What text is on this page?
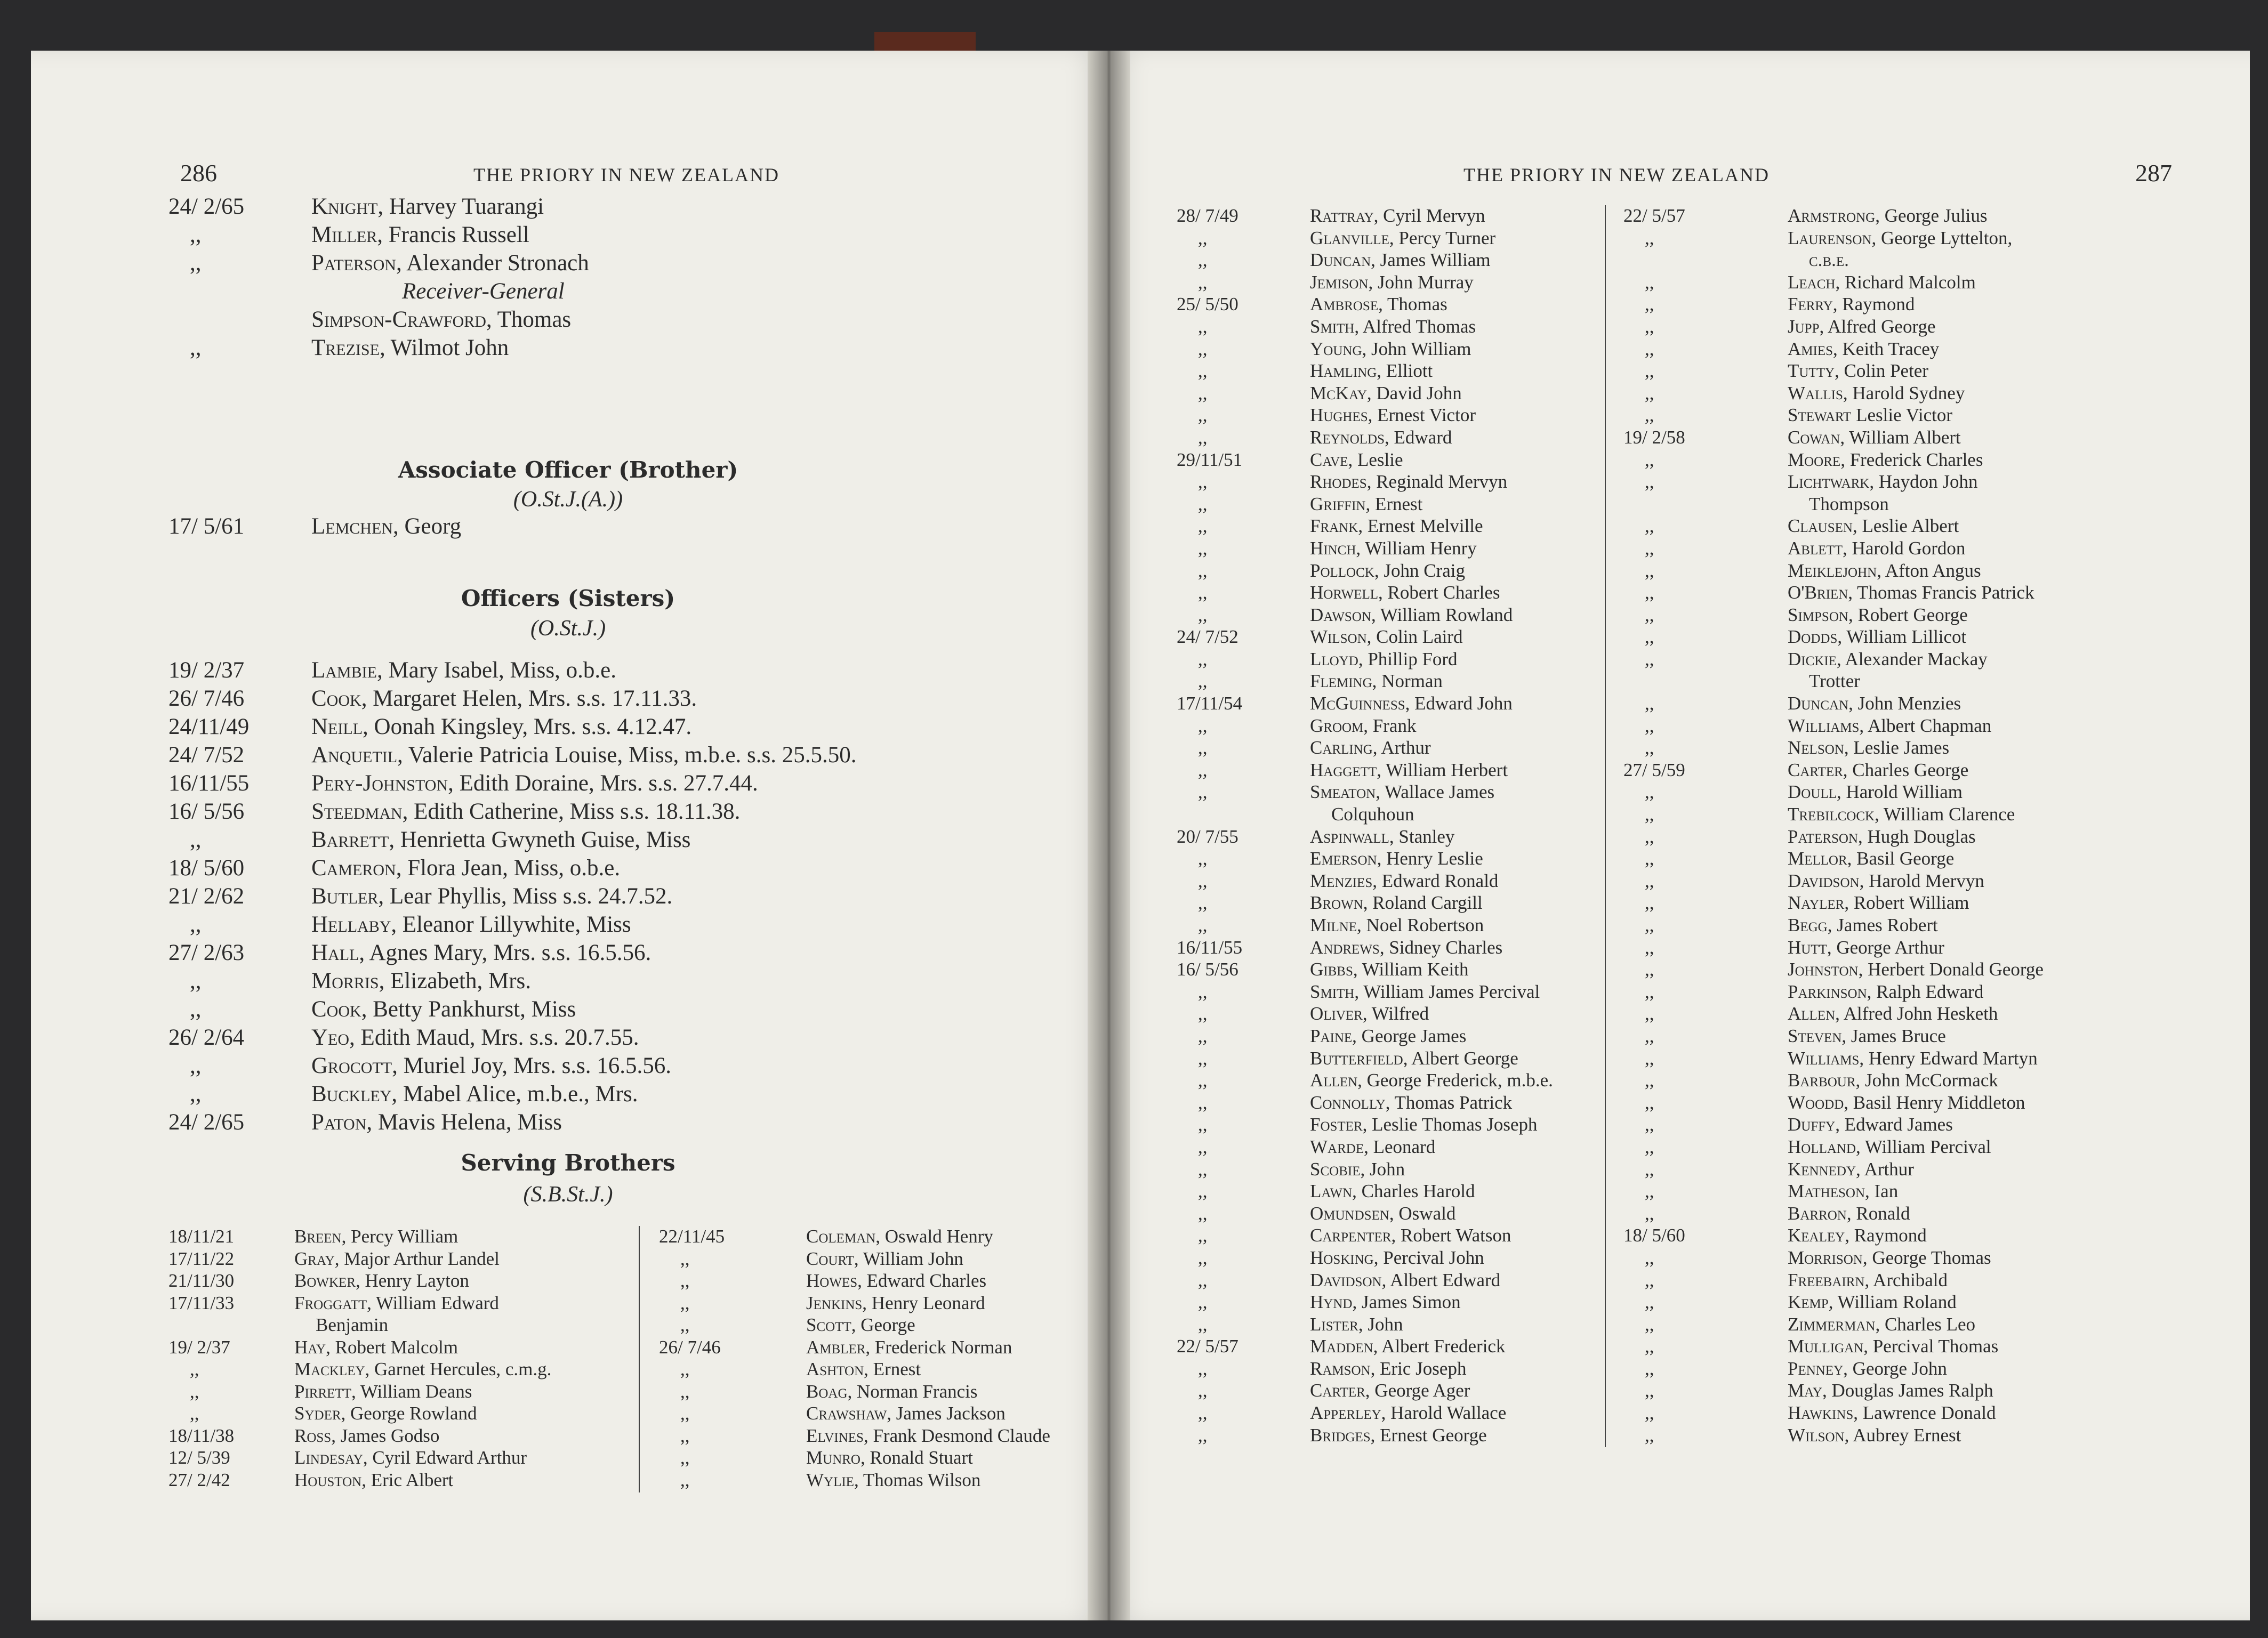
286	THE PRIORY IN NEW ZEALAND
24/ 2/65	Knight, Harvey Tuarangi
,,	Miller, Francis Russell
,,	Paterson, Alexander Stronach
Receiver-General
Simpson-Crawford, Thomas
,,	Trezise, Wilmot John
Associate Officer (Brother)
(O.St.J.(A.))
17/ 5/61	Lemchen, Georg
Officers (Sisters)
(O.St.J.)
19/ 2/37	Lambie, Mary Isabel, Miss, o.b.e.
26/ 7/46	Cook, Margaret Helen, Mrs. s.s. 17.11.33.
24/11/49	Neill, Oonah Kingsley, Mrs. s.s. 4.12.47.
24/ 7/52	Anquetil, Valerie Patricia Louise, Miss, m.b.e. s.s. 25.5.50.
16/11/55	Pery-Johnston, Edith Doraine, Mrs. s.s. 27.7.44.
16/ 5/56	Steedman, Edith Catherine, Miss s.s. 18.11.38.
,,	Barrett, Henrietta Gwyneth Guise, Miss
18/ 5/60	Cameron, Flora Jean, Miss, o.b.e.
21/ 2/62	Butler, Lear Phyllis, Miss s.s. 24.7.52.
,,	Hellaby, Eleanor Lillywhite, Miss
27/ 2/63	Hall, Agnes Mary, Mrs. s.s. 16.5.56.
,,	Morris, Elizabeth, Mrs.
,,	Cook, Betty Pankhurst, Miss
26/ 2/64	Yeo, Edith Maud, Mrs. s.s. 20.7.55.
,,	Grocott, Muriel Joy, Mrs. s.s. 16.5.56.
,,	Buckley, Mabel Alice, m.b.e., Mrs.
24/ 2/65	Paton, Mavis Helena, Miss
Serving Brothers
(S.B.St.J.)
18/11/21	Breen, Percy William
17/11/22	Gray, Major Arthur Landel
21/11/30	Bowker, Henry Layton
17/11/33	Froggatt, William Edward
Benjamin
19/ 2/37	Hay, Robert Malcolm
,,	Mackley, Garnet Hercules, c.m.g.
,,	Pirrett, William Deans
,,	Syder, George Rowland
18/11/38	Ross, James Godso
12/ 5/39	Lindesay, Cyril Edward Arthur
27/ 2/42	Houston, Eric Albert
22/11/45	Coleman, Oswald Henry
,,	Court, William John
,,	Howes, Edward Charles
,,	Jenkins, Henry Leonard
,,	Scott, George
26/ 7/46	Ambler, Frederick Norman
,,	Ashton, Ernest
,,	Boag, Norman Francis
,,	Crawshaw, James Jackson
,,	Elvines, Frank Desmond Claude
,,	Munro, Ronald Stuart
,,	Wylie, Thomas Wilson
THE PRIORY IN NEW ZEALAND	287
28/ 7/49	Rattray, Cyril Mervyn
,,	Glanville, Percy Turner
,,	Duncan, James William
,,	Jemison, John Murray
25/ 5/50	Ambrose, Thomas
,,	Smith, Alfred Thomas
,,	Young, John William
,,	Hamling, Elliott
,,	McKay, David John
,,	Hughes, Ernest Victor
,,	Reynolds, Edward
29/11/51	Cave, Leslie
,,	Rhodes, Reginald Mervyn
,,	Griffin, Ernest
,,	Frank, Ernest Melville
,,	Hinch, William Henry
,,	Pollock, John Craig
,,	Horwell, Robert Charles
,,	Dawson, William Rowland
24/ 7/52	Wilson, Colin Laird
,,	Lloyd, Phillip Ford
,,	Fleming, Norman
17/11/54	McGuinness, Edward John
,,	Groom, Frank
,,	Carling, Arthur
,,	Haggett, William Herbert
,,	Smeaton, Wallace James
Colquhoun
20/ 7/55	Aspinwall, Stanley
,,	Emerson, Henry Leslie
,,	Menzies, Edward Ronald
,,	Brown, Roland Cargill
,,	Milne, Noel Robertson
16/11/55	Andrews, Sidney Charles
16/ 5/56	Gibbs, William Keith
,,	Smith, William James Percival
,,	Oliver, Wilfred
,,	Paine, George James
,,	Butterfield, Albert George
,,	Allen, George Frederick, m.b.e.
,,	Connolly, Thomas Patrick
,,	Foster, Leslie Thomas Joseph
,,	Warde, Leonard
,,	Scobie, John
,,	Lawn, Charles Harold
,,	Omundsen, Oswald
,,	Carpenter, Robert Watson
,,	Hosking, Percival John
,,	Davidson, Albert Edward
,,	Hynd, James Simon
,,	Lister, John
22/ 5/57	Madden, Albert Frederick
,,	Ramson, Eric Joseph
,,	Carter, George Ager
,,	Apperley, Harold Wallace
,,	Bridges, Ernest George
22/ 5/57	Armstrong, George Julius
,,	Laurenson, George Lyttelton,
c.b.e.
,,	Leach, Richard Malcolm
,,	Ferry, Raymond
,,	Jupp, Alfred George
,,	Amies, Keith Tracey
,,	Tutty, Colin Peter
,,	Wallis, Harold Sydney
,,	Stewart Leslie Victor
19/ 2/58	Cowan, William Albert
,,	Moore, Frederick Charles
,,	Lichtwark, Haydon John
Thompson
,,	Clausen, Leslie Albert
,,	Ablett, Harold Gordon
,,	Meiklejohn, Afton Angus
,,	O'Brien, Thomas Francis Patrick
,,	Simpson, Robert George
,,	Dodds, William Lillicot
,,	Dickie, Alexander Mackay
Trotter
,,	Duncan, John Menzies
,,	Williams, Albert Chapman
,,	Nelson, Leslie James
27/ 5/59	Carter, Charles George
,,	Doull, Harold William
,,	Trebilcock, William Clarence
,,	Paterson, Hugh Douglas
,,	Mellor, Basil George
,,	Davidson, Harold Mervyn
,,	Nayler, Robert William
,,	Begg, James Robert
,,	Hutt, George Arthur
,,	Johnston, Herbert Donald George
,,	Parkinson, Ralph Edward
,,	Allen, Alfred John Hesketh
,,	Steven, James Bruce
,,	Williams, Henry Edward Martyn
,,	Barbour, John McCormack
,,	Woodd, Basil Henry Middleton
,,	Duffy, Edward James
,,	Holland, William Percival
,,	Kennedy, Arthur
,,	Matheson, Ian
,,	Barron, Ronald
18/ 5/60	Kealey, Raymond
,,	Morrison, George Thomas
,,	Freebairn, Archibald
,,	Kemp, William Roland
,,	Zimmerman, Charles Leo
,,	Mulligan, Percival Thomas
,,	Penney, George John
,,	May, Douglas James Ralph
,,	Hawkins, Lawrence Donald
,,	Wilson, Aubrey Ernest
